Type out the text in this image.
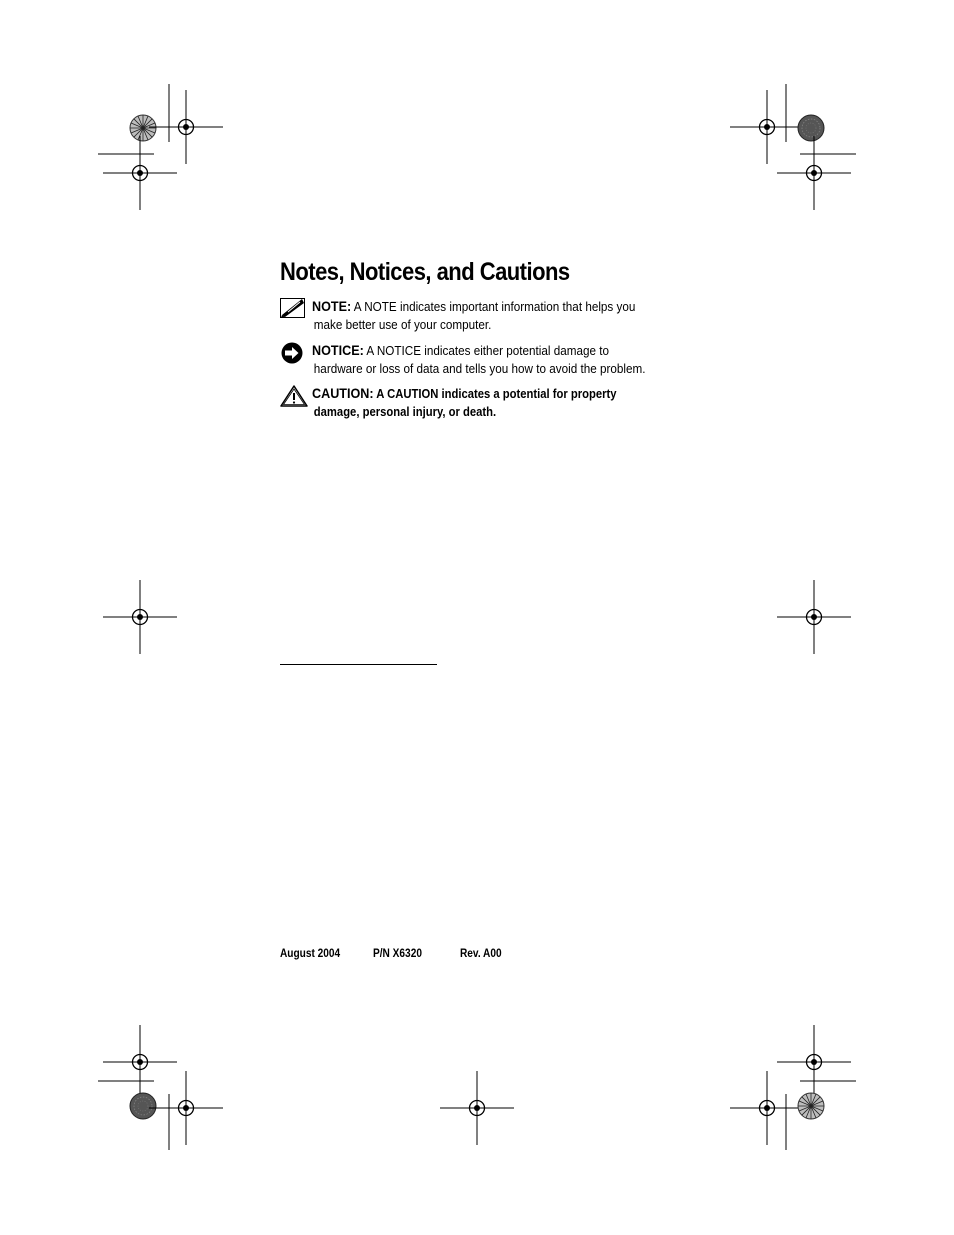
Notes, Notices, and Cautions
NOTE: A NOTE indicates important information that helps you
make better use of your computer.
NOTICE: A NOTICE indicates either potential damage to
hardware or loss of data and tells you how to avoid the problem.
CAUTION: A CAUTION indicates a potential for property
damage, personal injury, or death.
August 2004	P/N X6320	Rev. A00
